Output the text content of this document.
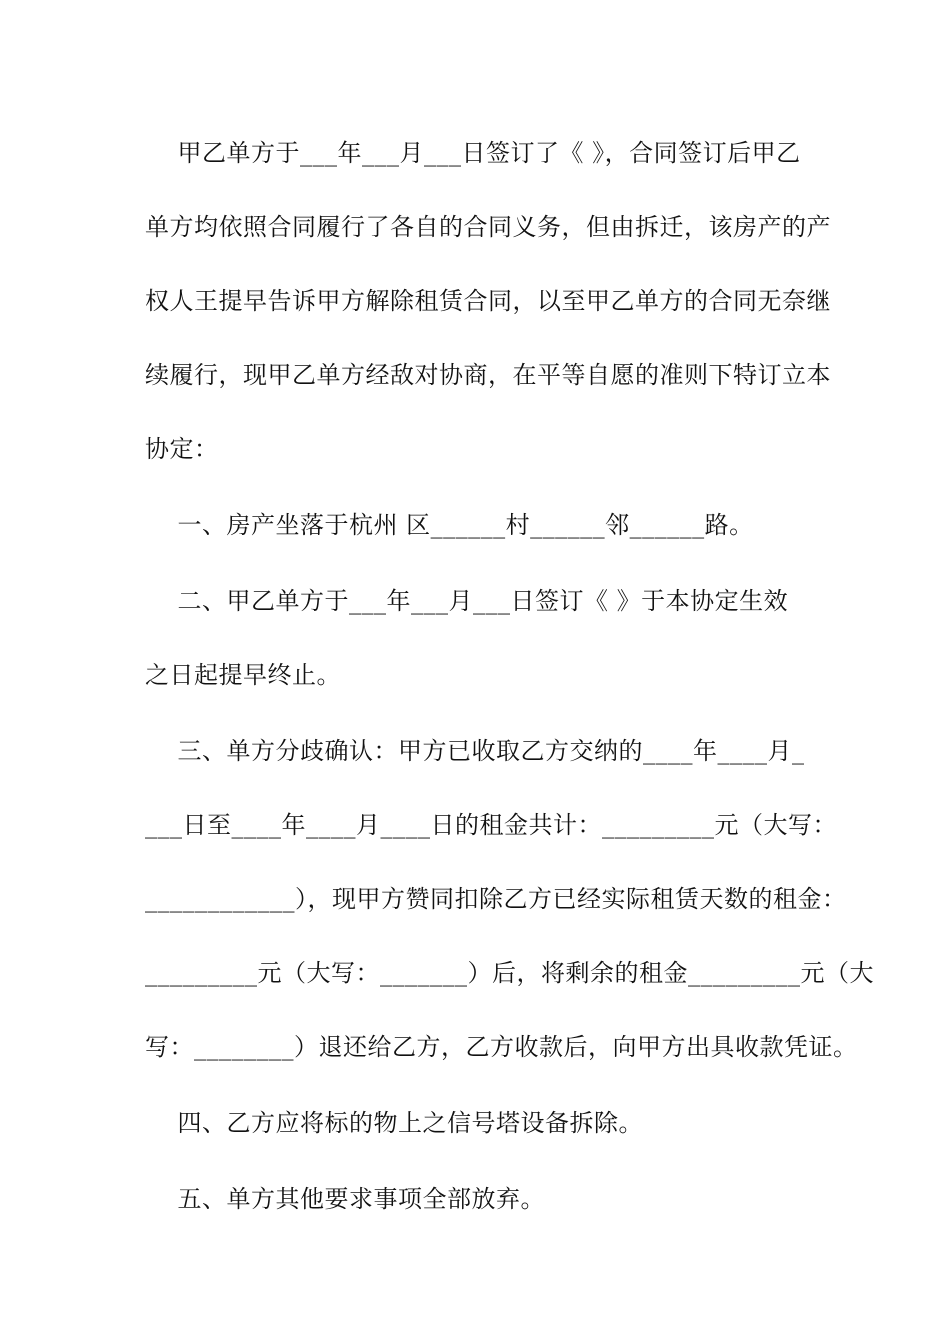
甲乙单方于___年___月___日签订了《 》，合同签订后甲乙
单方均依照合同履行了各自的合同义务，但由拆迁，该房产的产
权人王提早告诉甲方解除租赁合同，以至甲乙单方的合同无奈继
续履行，现甲乙单方经敌对协商，在平等自愿的准则下特订立本
协定：
一、房产坐落于杭州 区______村______邻______路。
二、甲乙单方于___年___月___日签订《 》于本协定生效
之日起提早终止。
三、单方分歧确认：甲方已收取乙方交纳的____年____月_
___日至____年____月____日的租金共计：_________元（大写：
____________），现甲方赞同扣除乙方已经实际租赁天数的租金：
_________元（大写：_______）后，将剩余的租金_________元（大
写：________）退还给乙方，乙方收款后，向甲方出具收款凭证。
四、乙方应将标的物上之信号塔设备拆除。
五、单方其他要求事项全部放弃。
